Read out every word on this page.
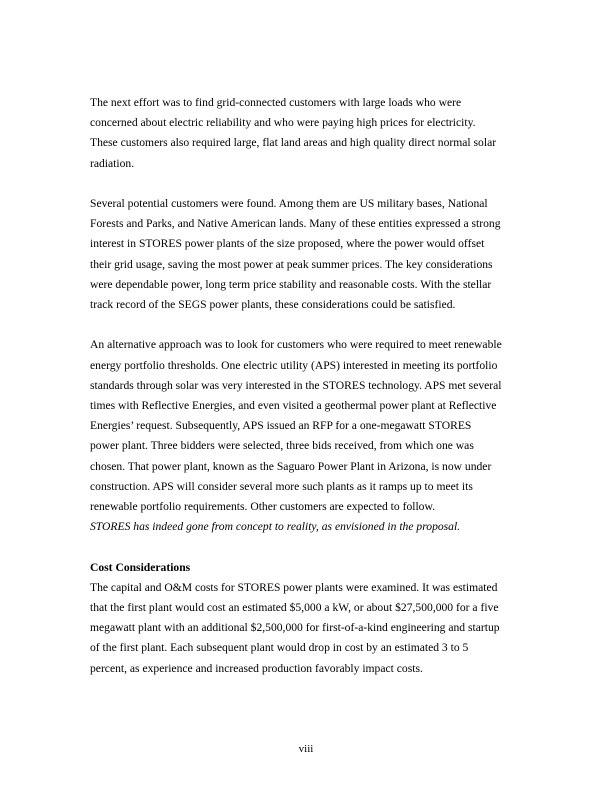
The next effort was to find grid-connected customers with large loads who were
concerned about electric reliability and who were paying high prices for electricity.
These customers also required large, flat land areas and high quality direct normal solar
radiation.

Several potential customers were found. Among them are US military bases, National
Forests and Parks, and Native American lands. Many of these entities expressed a strong
interest in STORES power plants of the size proposed, where the power would offset
their grid usage, saving the most power at peak summer prices. The key considerations
were dependable power, long term price stability and reasonable costs. With the stellar
track record of the SEGS power plants, these considerations could be satisfied.

An alternative approach was to look for customers who were required to meet renewable
energy portfolio thresholds. One electric utility (APS) interested in meeting its portfolio
standards through solar was very interested in the STORES technology. APS met several
times with Reflective Energies, and even visited a geothermal power plant at Reflective
Energies’ request. Subsequently, APS issued an RFP for a one-megawatt STORES
power plant. Three bidders were selected, three bids received, from which one was
chosen. That power plant, known as the Saguaro Power Plant in Arizona, is now under
construction. APS will consider several more such plants as it ramps up to meet its
renewable portfolio requirements. Other customers are expected to follow.
STORES has indeed gone from concept to reality, as envisioned in the proposal.

Cost Considerations
The capital and O&M costs for STORES power plants were examined. It was estimated
that the first plant would cost an estimated $5,000 a kW, or about $27,500,000 for a five
megawatt plant with an additional $2,500,000 for first-of-a-kind engineering and startup
of the first plant. Each subsequent plant would drop in cost by an estimated 3 to 5
percent, as experience and increased production favorably impact costs.
viii
